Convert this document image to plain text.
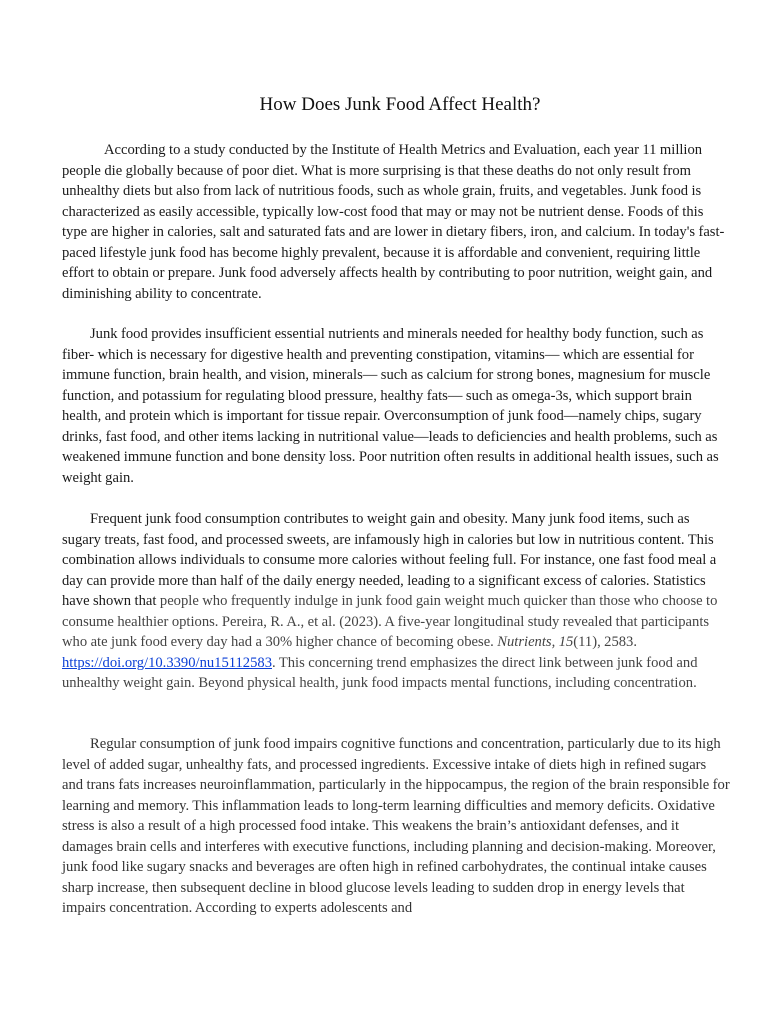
How Does Junk Food Affect Health?

According to a study conducted by the Institute of Health Metrics and Evaluation, each year 11 million people die globally because of poor diet. What is more surprising is that these deaths do not only result from unhealthy diets but also from lack of nutritious foods, such as whole grain, fruits, and vegetables. Junk food is characterized as easily accessible, typically low-cost food that may or may not be nutrient dense. Foods of this type are higher in calories, salt and saturated fats and are lower in dietary fibers, iron, and calcium. In today's fast-paced lifestyle junk food has become highly prevalent, because it is affordable and convenient, requiring little effort to obtain or prepare. Junk food adversely affects health by contributing to poor nutrition, weight gain, and diminishing ability to concentrate.

Junk food provides insufficient essential nutrients and minerals needed for healthy body function, such as fiber- which is necessary for digestive health and preventing constipation, vitamins— which are essential for immune function, brain health, and vision, minerals— such as calcium for strong bones, magnesium for muscle function, and potassium for regulating blood pressure, healthy fats— such as omega-3s, which support brain health, and protein which is important for tissue repair. Overconsumption of junk food—namely chips, sugary drinks, fast food, and other items lacking in nutritional value—leads to deficiencies and health problems, such as weakened immune function and bone density loss. Poor nutrition often results in additional health issues, such as weight gain.

Frequent junk food consumption contributes to weight gain and obesity. Many junk food items, such as sugary treats, fast food, and processed sweets, are infamously high in calories but low in nutritious content. This combination allows individuals to consume more calories without feeling full. For instance, one fast food meal a day can provide more than half of the daily energy needed, leading to a significant excess of calories. Statistics have shown that people who frequently indulge in junk food gain weight much quicker than those who choose to consume healthier options. Pereira, R. A., et al. (2023). A five-year longitudinal study revealed that participants who ate junk food every day had a 30% higher chance of becoming obese. Nutrients, 15(11), 2583. https://doi.org/10.3390/nu15112583. This concerning trend emphasizes the direct link between junk food and unhealthy weight gain. Beyond physical health, junk food impacts mental functions, including concentration.

Regular consumption of junk food impairs cognitive functions and concentration, particularly due to its high level of added sugar, unhealthy fats, and processed ingredients. Excessive intake of diets high in refined sugars and trans fats increases neuroinflammation, particularly in the hippocampus, the region of the brain responsible for learning and memory. This inflammation leads to long-term learning difficulties and memory deficits. Oxidative stress is also a result of a high processed food intake. This weakens the brain’s antioxidant defenses, and it damages brain cells and interferes with executive functions, including planning and decision-making. Moreover, junk food like sugary snacks and beverages are often high in refined carbohydrates, the continual intake causes sharp increase, then subsequent decline in blood glucose levels leading to sudden drop in energy levels that impairs concentration. According to experts adolescents and
